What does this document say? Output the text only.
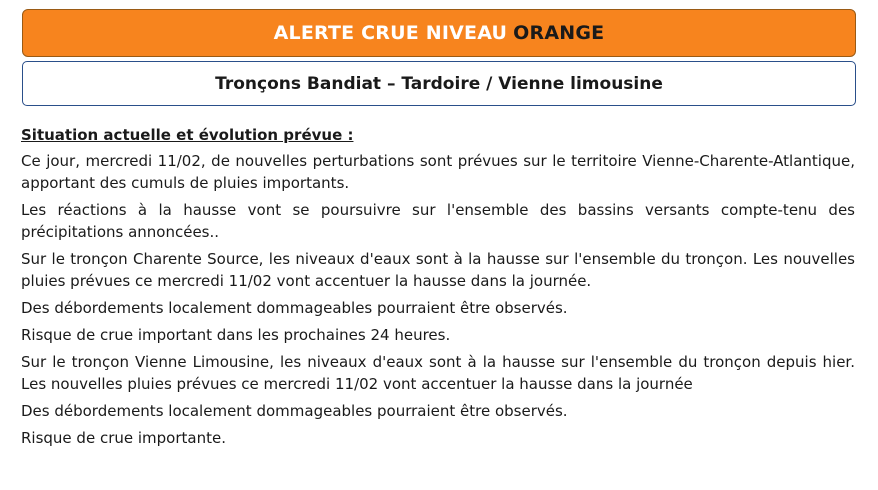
ALERTE CRUE NIVEAU ORANGE
Tronçons Bandiat – Tardoire / Vienne limousine
Situation actuelle et évolution prévue :

Ce jour, mercredi 11/02, de nouvelles perturbations sont prévues sur le territoire Vienne-Charente-Atlantique, apportant des cumuls de pluies importants.

Les réactions à la hausse vont se poursuivre sur l'ensemble des bassins versants compte-tenu des précipitations annoncées..

Sur le tronçon Charente Source, les niveaux d'eaux sont à la hausse sur l'ensemble du tronçon. Les nouvelles pluies prévues ce mercredi 11/02 vont accentuer la hausse dans la journée.

Des débordements localement dommageables pourraient être observés.

Risque de crue important dans les prochaines 24 heures.

Sur le tronçon Vienne Limousine, les niveaux d'eaux sont à la hausse sur l'ensemble du tronçon depuis hier. Les nouvelles pluies prévues ce mercredi 11/02 vont accentuer la hausse dans la journée

Des débordements localement dommageables pourraient être observés.

Risque de crue importante.
